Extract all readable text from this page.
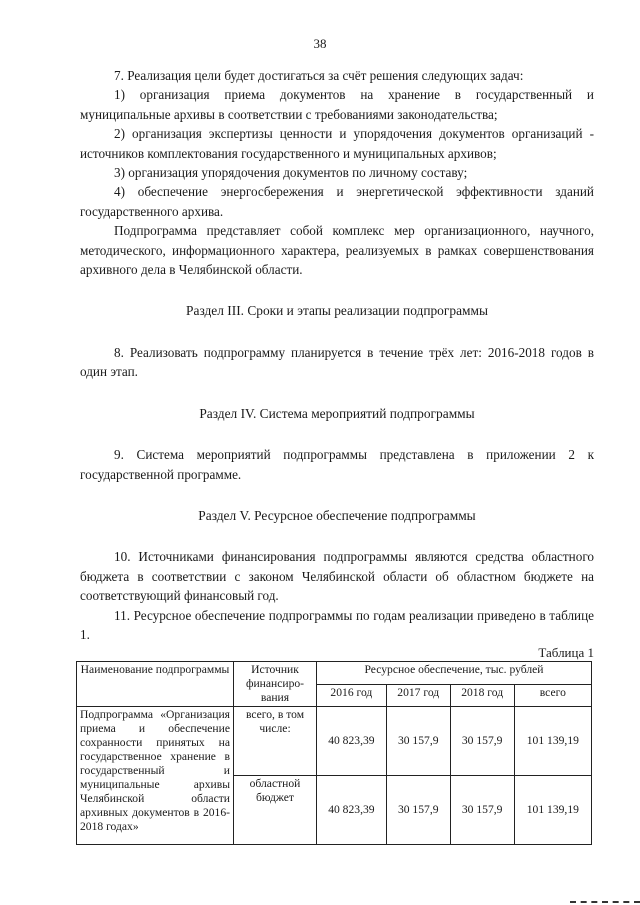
38

7. Реализация цели будет достигаться за счёт решения следующих задач:

1) организация приема документов на хранение в государственный и муниципальные архивы в соответствии с требованиями законодательства;

2) организация экспертизы ценности и упорядочения документов организаций - источников комплектования государственного и муниципальных архивов;

3) организация упорядочения документов по личному составу;

4) обеспечение энергосбережения и энергетической эффективности зданий государственного архива.

Подпрограмма представляет собой комплекс мер организационного, научного, методического, информационного характера, реализуемых в рамках совершенствования архивного дела в Челябинской области.

Раздел III. Сроки и этапы реализации подпрограммы

8. Реализовать подпрограмму планируется в течение трёх лет: 2016-2018 годов в один этап.

Раздел IV. Система мероприятий подпрограммы

9. Система мероприятий подпрограммы представлена в приложении 2 к государственной программе.

Раздел V. Ресурсное обеспечение подпрограммы

10. Источниками финансирования подпрограммы являются средства областного бюджета в соответствии с законом Челябинской области об областном бюджете на соответствующий финансовый год.

11. Ресурсное обеспечение подпрограммы по годам реализации приведено в таблице 1.

Таблица 1

Наименование подпрограммы	Источник финансиро-вания	Ресурсное обеспечение, тыс. рублей			
		2016 год	2017 год	2018 год	всего
Подпрограмма «Организация приема и обеспечение сохранности принятых на государственное хранение в государственный и муниципальные архивы Челябинской области архивных документов в 2016-2018 годах»	всего, в том числе:	40 823,39	30 157,9	30 157,9	101 139,19
	областной бюджет	40 823,39	30 157,9	30 157,9	101 139,19
